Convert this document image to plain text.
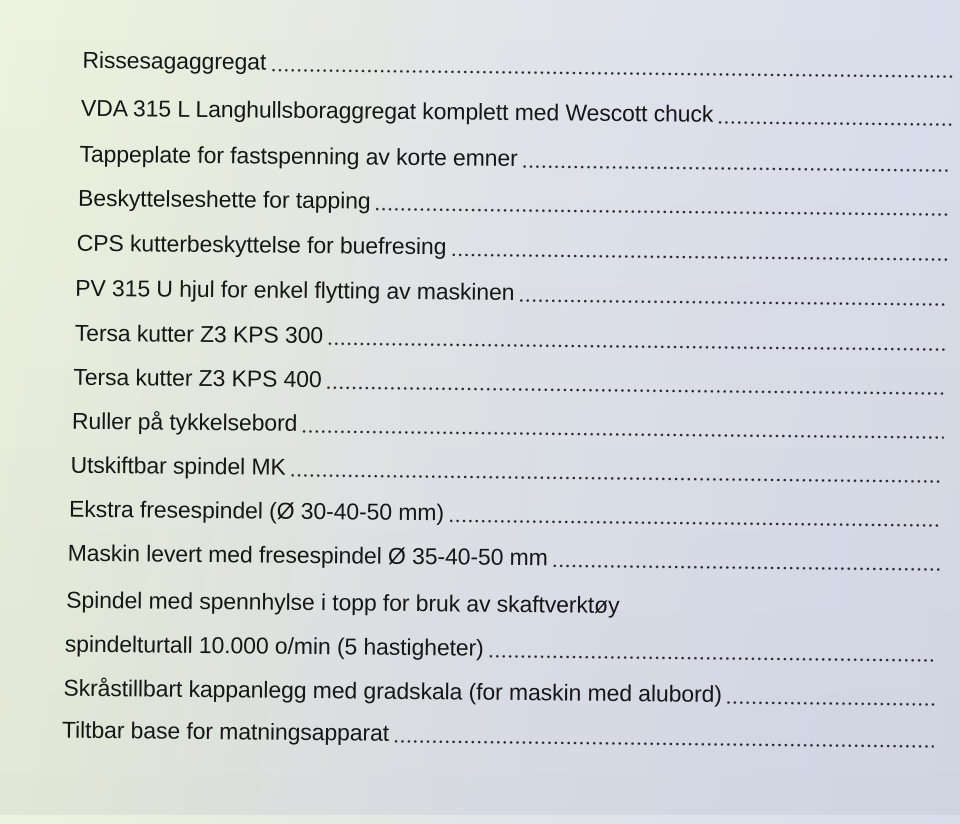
Rissesagaggregat
VDA 315 L Langhullsboraggregat komplett med Wescott chuck
Tappeplate for fastspenning av korte emner
Beskyttelseshette for tapping
CPS kutterbeskyttelse for buefresing
PV 315 U hjul for enkel flytting av maskinen
Tersa kutter Z3 KPS 300
Tersa kutter Z3 KPS 400
Ruller på tykkelsebord
Utskiftbar spindel MK
Ekstra fresespindel (Ø 30-40-50 mm)
Maskin levert med fresespindel Ø 35-40-50 mm
Spindel med spennhylse i topp for bruk av skaftverktøy
spindelturtall 10.000 o/min (5 hastigheter)
Skråstillbart kappanlegg med gradskala (for maskin med alubord)
Tiltbar base for matningsapparat
